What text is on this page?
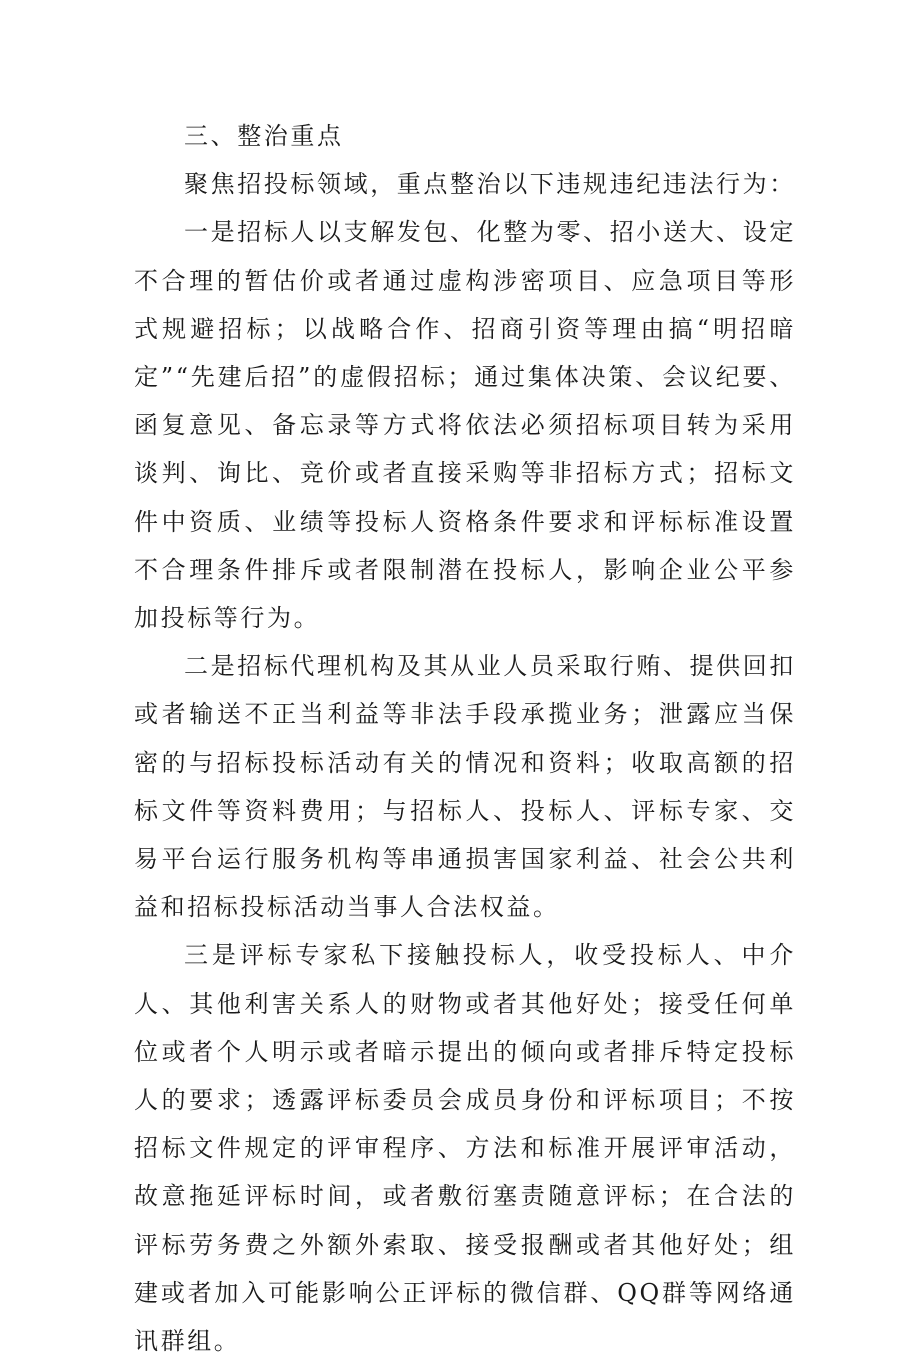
三、整治重点

聚焦招投标领域，重点整治以下违规违纪违法行为：

一是招标人以支解发包、化整为零、招小送大、设定不合理的暂估价或者通过虚构涉密项目、应急项目等形式规避招标；以战略合作、招商引资等理由搞“明招暗定”“先建后招”的虚假招标；通过集体决策、会议纪要、函复意见、备忘录等方式将依法必须招标项目转为采用谈判、询比、竞价或者直接采购等非招标方式；招标文件中资质、业绩等投标人资格条件要求和评标标准设置不合理条件排斥或者限制潜在投标人，影响企业公平参加投标等行为。

二是招标代理机构及其从业人员采取行贿、提供回扣或者输送不正当利益等非法手段承揽业务；泄露应当保密的与招标投标活动有关的情况和资料；收取高额的招标文件等资料费用；与招标人、投标人、评标专家、交易平台运行服务机构等串通损害国家利益、社会公共利益和招标投标活动当事人合法权益。

三是评标专家私下接触投标人，收受投标人、中介人、其他利害关系人的财物或者其他好处；接受任何单位或者个人明示或者暗示提出的倾向或者排斥特定投标人的要求；透露评标委员会成员身份和评标项目；不按招标文件规定的评审程序、方法和标准开展评审活动，故意拖延评标时间，或者敷衍塞责随意评标；在合法的评标劳务费之外额外索取、接受报酬或者其他好处；组建或者加入可能影响公正评标的微信群、QQ群等网络通讯群组。
